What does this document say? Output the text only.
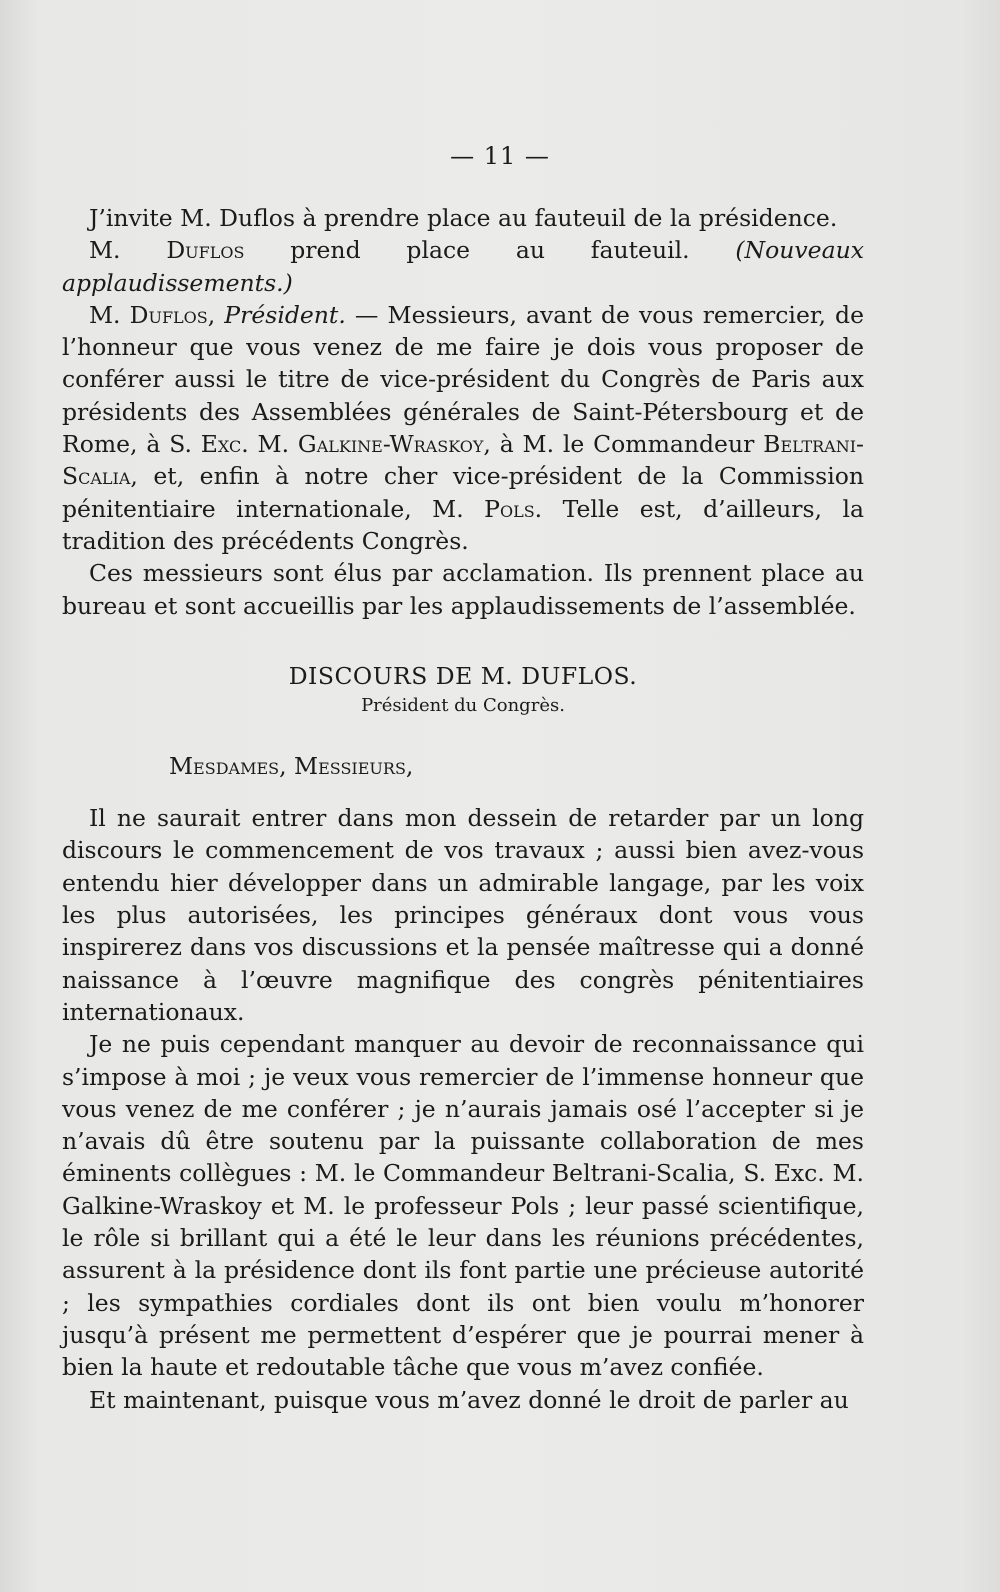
— 11 —

J’invite M. Duflos à prendre place au fauteuil de la présidence.

M. Duflos prend place au fauteuil. (Nouveaux applaudissements.)

M. Duflos, Président. — Messieurs, avant de vous remercier, de l’honneur que vous venez de me faire je dois vous proposer de conférer aussi le titre de vice-président du Congrès de Paris aux présidents des Assemblées générales de Saint-Pétersbourg et de Rome, à S. Exc. M. Galkine-Wraskoy, à M. le Commandeur Beltrani-Scalia, et, enfin à notre cher vice-président de la Commission pénitentiaire internationale, M. Pols. Telle est, d’ailleurs, la tradition des précédents Congrès.

Ces messieurs sont élus par acclamation. Ils prennent place au bureau et sont accueillis par les applaudissements de l’assemblée.

DISCOURS DE M. DUFLOS.
Président du Congrès.

Mesdames, Messieurs,

Il ne saurait entrer dans mon dessein de retarder par un long discours le commencement de vos travaux ; aussi bien avez-vous entendu hier développer dans un admirable langage, par les voix les plus autorisées, les principes généraux dont vous vous inspirerez dans vos discussions et la pensée maîtresse qui a donné naissance à l’œuvre magnifique des congrès pénitentiaires internationaux.

Je ne puis cependant manquer au devoir de reconnaissance qui s’impose à moi ; je veux vous remercier de l’immense honneur que vous venez de me conférer ; je n’aurais jamais osé l’accepter si je n’avais dû être soutenu par la puissante collaboration de mes éminents collègues : M. le Commandeur Beltrani-Scalia, S. Exc. M. Galkine-Wraskoy et M. le professeur Pols ; leur passé scientifique, le rôle si brillant qui a été le leur dans les réunions précédentes, assurent à la présidence dont ils font partie une précieuse autorité ; les sympathies cordiales dont ils ont bien voulu m’honorer jusqu’à présent me permettent d’espérer que je pourrai mener à bien la haute et redoutable tâche que vous m’avez confiée.

Et maintenant, puisque vous m’avez donné le droit de parler au
